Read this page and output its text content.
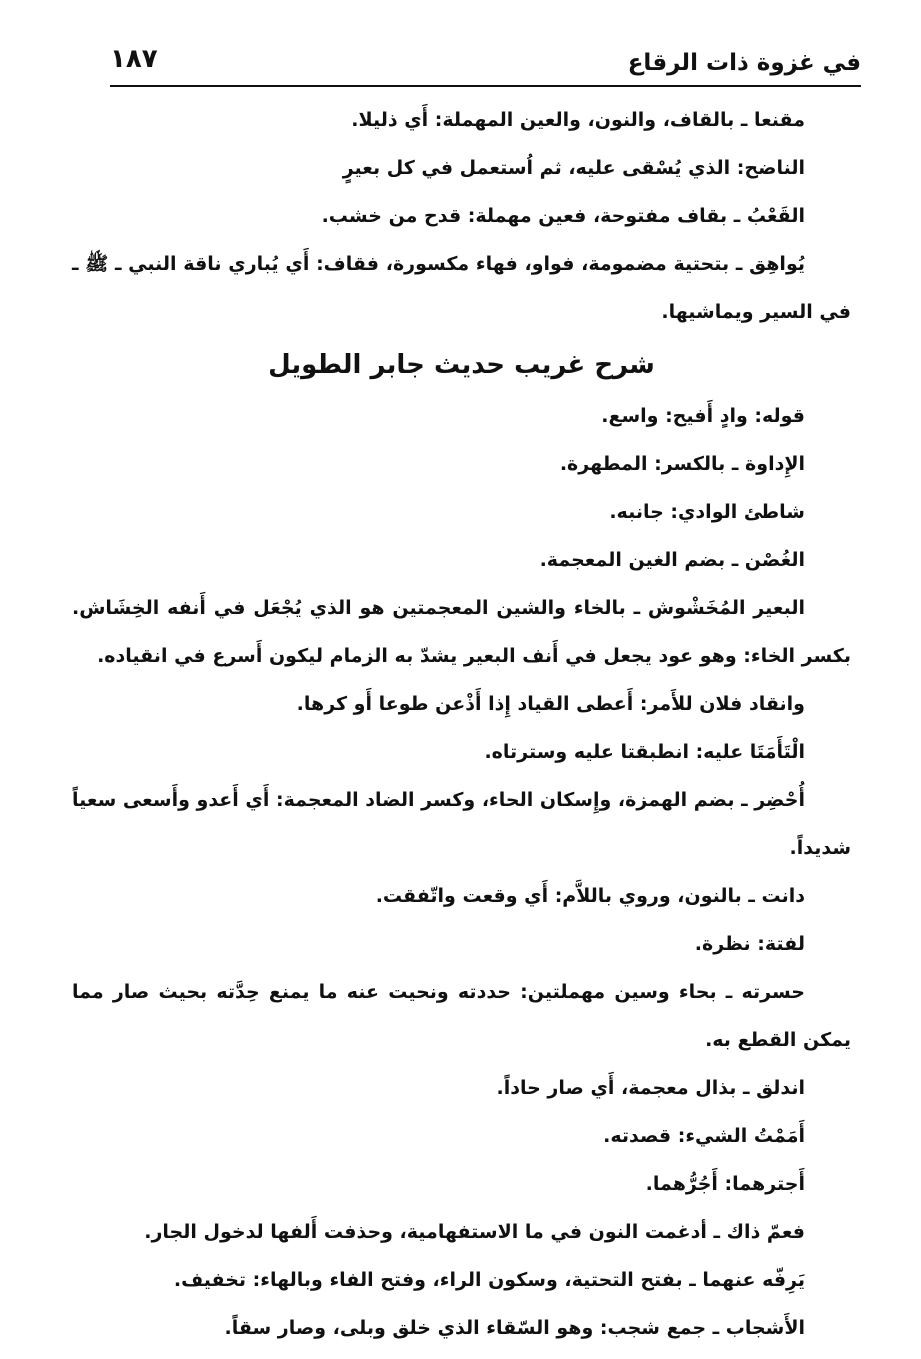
في غزوة ذات الرقاع
١٨٧

مقنعا ـ بالقاف، والنون، والعين المهملة: أَي ذليلا.

الناضح: الذي يُسْقى عليه، ثم اُستعمل في كل بعيرٍ

القَعْبُ ـ بقاف مفتوحة، فعين مهملة: قدح من خشب.

يُواهِق ـ بتحتية مضمومة، فواو، فهاء مكسورة، فقاف: أَي يُباري ناقة النبي ـ ﷺ ـ في السير ويماشيها.

شرح غريب حديث جابر الطويل

قوله: وادٍ أَفيح: واسع.

الإِداوة ـ بالكسر: المطهرة.

شاطئ الوادي: جانبه.

الغُصْن ـ بضم الغين المعجمة.

البعير المُخَشْوش ـ بالخاء والشين المعجمتين هو الذي يُجْعَل في أَنفه الخِشَاش. بكسر الخاء: وهو عود يجعل في أَنف البعير يشدّ به الزمام ليكون أَسرع في انقياده.

وانقاد فلان للأَمر: أَعطى القياد إِذا أَذْعن طوعا أَو كرها.

الْتَأَمَتَا عليه: انطبقتا عليه وسترتاه.

أُحْضِر ـ بضم الهمزة، وإِسكان الحاء، وكسر الضاد المعجمة: أَي أَعدو وأَسعى سعياً شديداً.

دانت ـ بالنون، وروي باللاَّم: أَي وقعت واتّفقت.

لفتة: نظرة.

حسرته ـ بحاء وسين مهملتين: حددته ونحيت عنه ما يمنع حِدَّته بحيث صار مما يمكن القطع به.

اندلق ـ بذال معجمة، أَي صار حاداً.

أَمَمْتُ الشيء: قصدته.

أَجترهما: أَجُرُّهما.

فعمّ ذاك ـ أدغمت النون في ما الاستفهامية، وحذفت أَلفها لدخول الجار.

يَرِفّه عنهما ـ بفتح التحتية، وسكون الراء، وفتح الفاء وبالهاء: تخفيف.

الأَشجاب ـ جمع شجب: وهو السّقاء الذي خلق وبلى، وصار سقاً.
